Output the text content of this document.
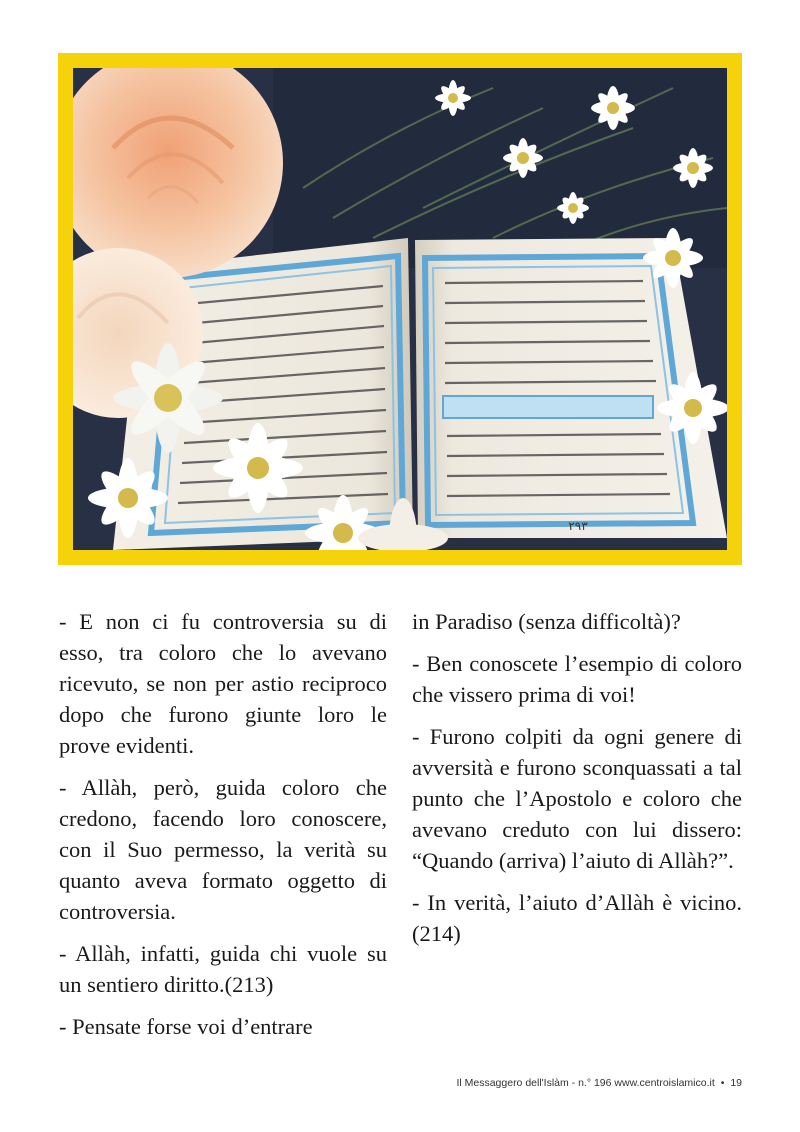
٢٩٣

- E non ci fu controversia su di esso, tra coloro che lo avevano ricevuto, se non per astio reciproco dopo che furono giunte loro le prove evidenti.

- Allàh, però, guida coloro che credono, facendo loro conoscere, con il Suo permesso, la verità su quanto aveva formato oggetto di controversia.

- Allàh, infatti, guida chi vuole su un sentiero diritto.(213)

- Pensate forse voi d’entrare

in Paradiso (senza difficoltà)?

- Ben conoscete l’esempio di coloro che vissero prima di voi!

- Furono colpiti da ogni genere di avversità e furono sconquassati a tal punto che l’Apostolo e coloro che avevano creduto con lui dissero: “Quando (arriva) l’aiuto di Allàh?”.

- In verità, l’aiuto d’Allàh è vicino.(214)

Il Messaggero dell'Islàm - n.° 196 www.centroislamico.it • 19
